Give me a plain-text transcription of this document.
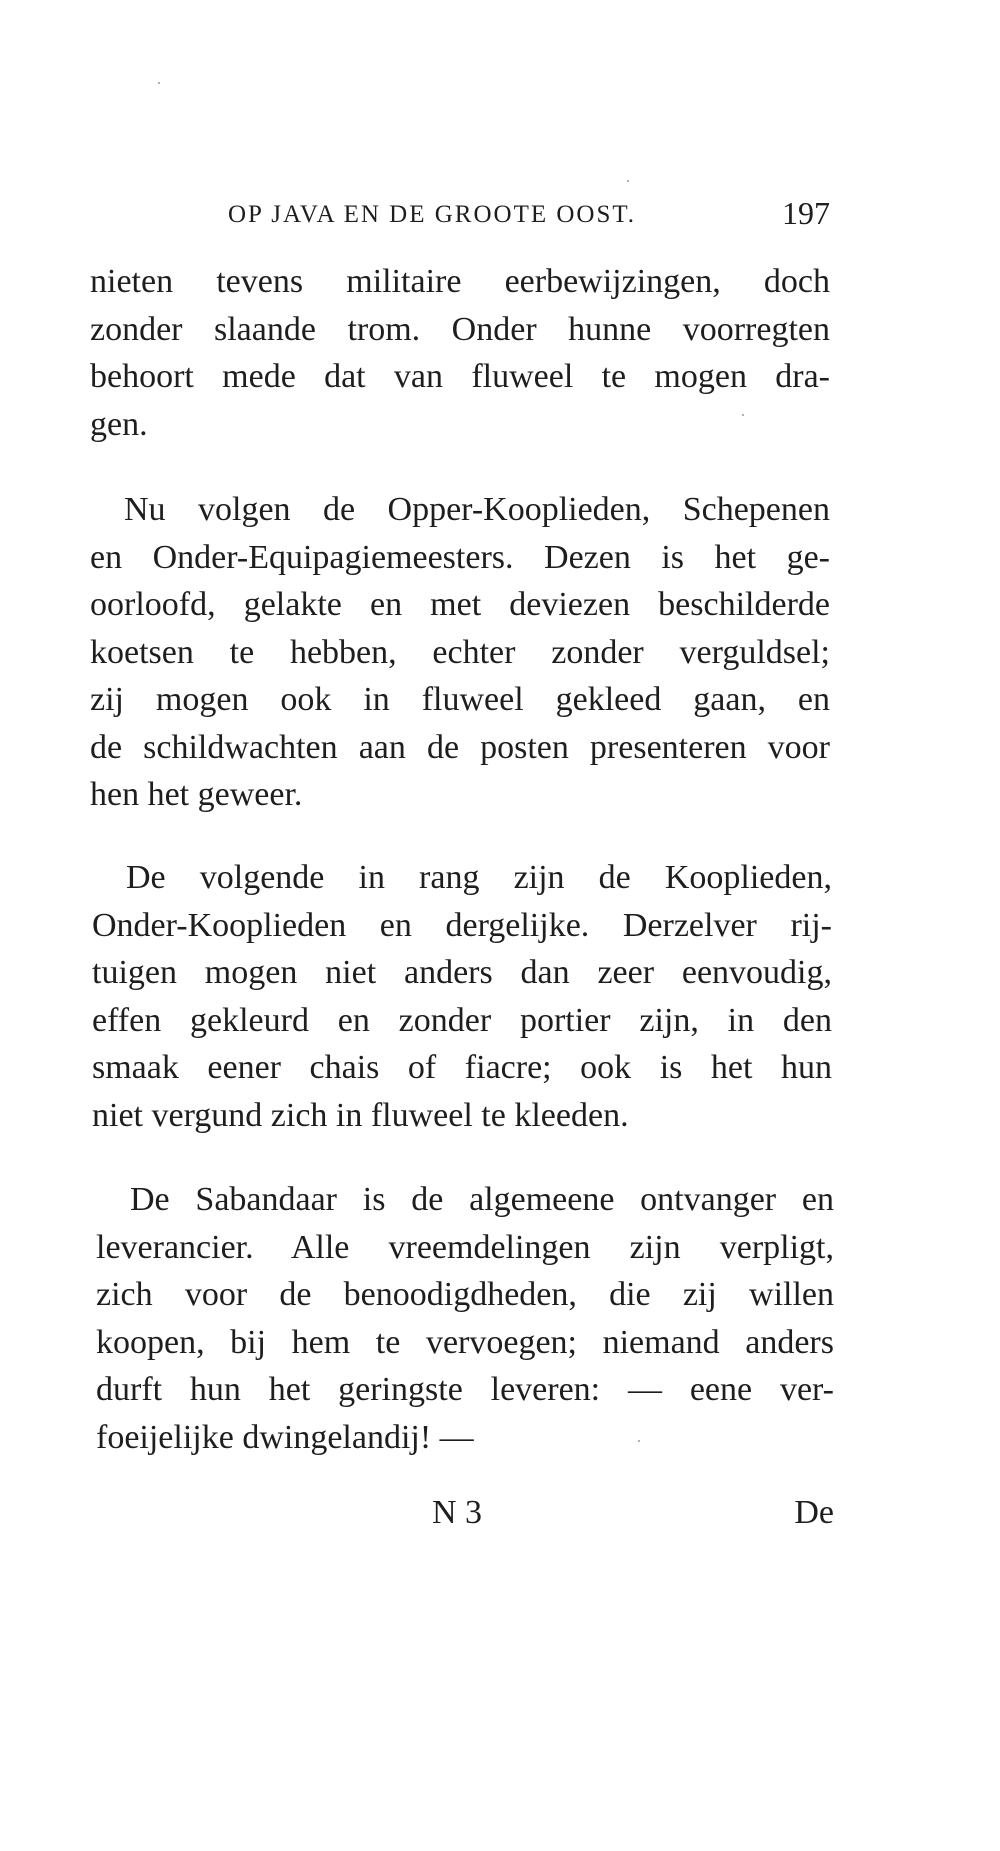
OP JAVA EN DE GROOTE OOST.	197
nieten tevens militaire eerbewijzingen, doch
zonder slaande trom. Onder hunne voorregten
behoort mede dat van fluweel te mogen dra-
gen.
Nu volgen de Opper-Kooplieden, Schepenen
en Onder-Equipagiemeesters. Dezen is het ge-
oorloofd, gelakte en met deviezen beschilderde
koetsen te hebben, echter zonder verguldsel;
zij mogen ook in fluweel gekleed gaan, en
de schildwachten aan de posten presenteren voor
hen het geweer.
De volgende in rang zijn de Kooplieden,
Onder-Kooplieden en dergelijke. Derzelver rij-
tuigen mogen niet anders dan zeer eenvoudig,
effen gekleurd en zonder portier zijn, in den
smaak eener chais of fiacre; ook is het hun
niet vergund zich in fluweel te kleeden.
De Sabandaar is de algemeene ontvanger en
leverancier. Alle vreemdelingen zijn verpligt,
zich voor de benoodigdheden, die zij willen
koopen, bij hem te vervoegen; niemand anders
durft hun het geringste leveren: — eene ver-
foeijelijke dwingelandij! —
N 3	De
